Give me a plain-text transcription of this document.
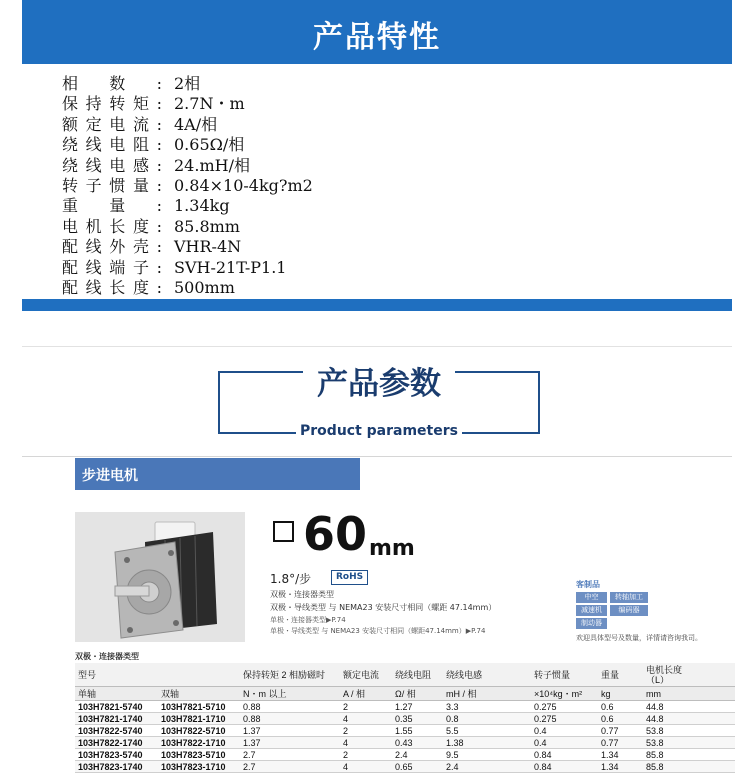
产品特性
相数: 2相
保持转矩: 2.7N・m
额定电流: 4A/相
绕线电阻: 0.65Ω/相
绕线电感: 24.mH/相
转子惯量: 0.84×10-4kg?m2
重量: 1.34kg
电机长度: 85.8mm
配线外壳: VHR-4N
配线端子: SVH-21T-P1.1
配线长度: 500mm
产品参数
Product parameters
步进电机
60 mm
1.8°/步	RoHS
双极・连接器类型
双极・导线类型 与 NEMA23 安装尺寸相同（螺距 47.14mm）
单极・连接器类型▶P.74
单极・导线类型 与 NEMA23 安装尺寸相同（螺距47.14mm）▶P.74
客制品
中空	转轴加工
减速机	编码器
制动器
欢迎具体型号及数量，详情请咨询我司。
双极・连接器类型
型号		保持转矩 2 相励磁时	额定电流	绕线电阻	绕线电感	转子惯量	重量	电机长度
（L）
单轴	双轴	N・m 以上	A / 相	Ω/ 相	mH / 相	×10⁴kg・m²	kg	mm
103H7821-5740	103H7821-5710	0.88	2	1.27	3.3	0.275	0.6	44.8
103H7821-1740	103H7821-1710	0.88	4	0.35	0.8	0.275	0.6	44.8
103H7822-5740	103H7822-5710	1.37	2	1.55	5.5	0.4	0.77	53.8
103H7822-1740	103H7822-1710	1.37	4	0.43	1.38	0.4	0.77	53.8
103H7823-5740	103H7823-5710	2.7	2	2.4	9.5	0.84	1.34	85.8
103H7823-1740	103H7823-1710	2.7	4	0.65	2.4	0.84	1.34	85.8
